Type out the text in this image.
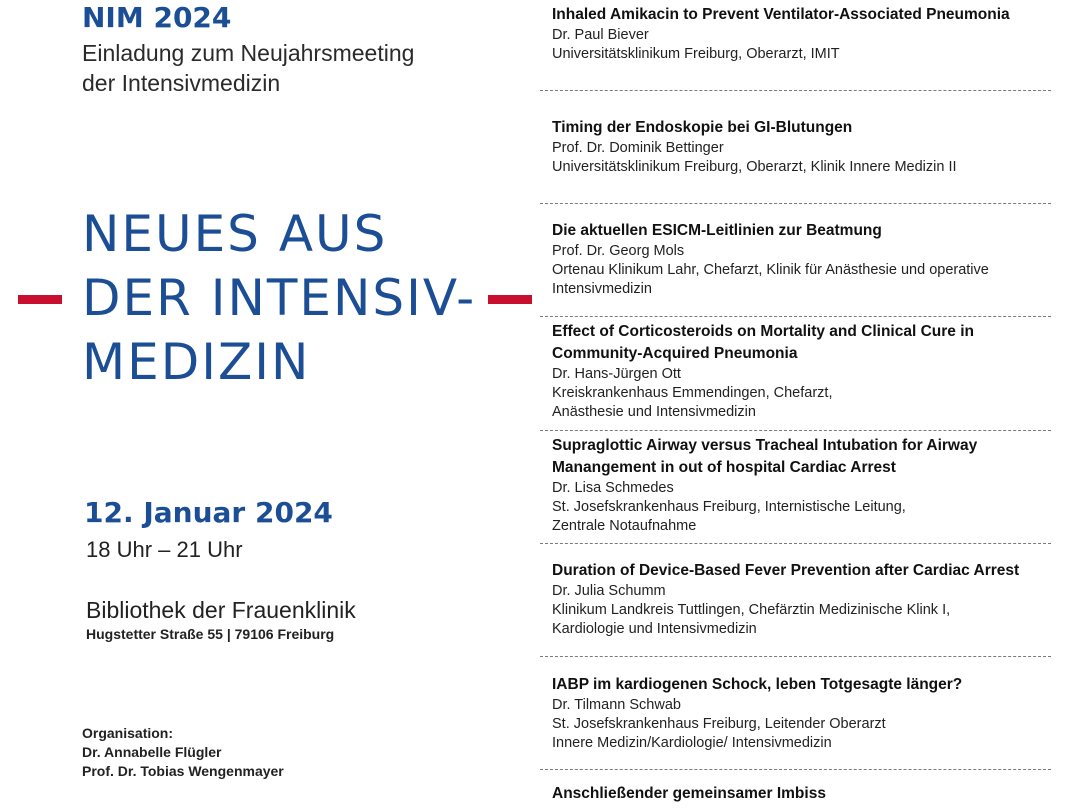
NIM 2024
Einladung zum Neujahrsmeeting
der Intensivmedizin
NEUES AUS
DER INTENSIV-
MEDIZIN
12. Januar 2024
18 Uhr – 21 Uhr
Bibliothek der Frauenklinik
Hugstetter Straße 55 | 79106 Freiburg
Organisation:
Dr. Annabelle Flügler
Prof. Dr. Tobias Wengenmayer
Inhaled Amikacin to Prevent Ventilator-Associated Pneumonia
Dr. Paul Biever
Universitätsklinikum Freiburg, Oberarzt, IMIT
Timing der Endoskopie bei GI-Blutungen
Prof. Dr. Dominik Bettinger
Universitätsklinikum Freiburg, Oberarzt, Klinik Innere Medizin II
Die aktuellen ESICM-Leitlinien zur Beatmung
Prof. Dr. Georg Mols
Ortenau Klinikum Lahr, Chefarzt, Klinik für Anästhesie und operative Intensivmedizin
Effect of Corticosteroids on Mortality and Clinical Cure in Community-Acquired Pneumonia
Dr. Hans-Jürgen Ott
Kreiskrankenhaus Emmendingen, Chefarzt,
Anästhesie und Intensivmedizin
Supraglottic Airway versus Tracheal Intubation for Airway Manangement in out of hospital Cardiac Arrest
Dr. Lisa Schmedes
St. Josefskrankenhaus Freiburg, Internistische Leitung,
Zentrale Notaufnahme
Duration of Device-Based Fever Prevention after Cardiac Arrest
Dr. Julia Schumm
Klinikum Landkreis Tuttlingen, Chefärztin Medizinische Klink I,
Kardiologie und Intensivmedizin
IABP im kardiogenen Schock, leben Totgesagte länger?
Dr. Tilmann Schwab
St. Josefskrankenhaus Freiburg, Leitender Oberarzt
Innere Medizin/Kardiologie/ Intensivmedizin
Anschließender gemeinsamer Imbiss
